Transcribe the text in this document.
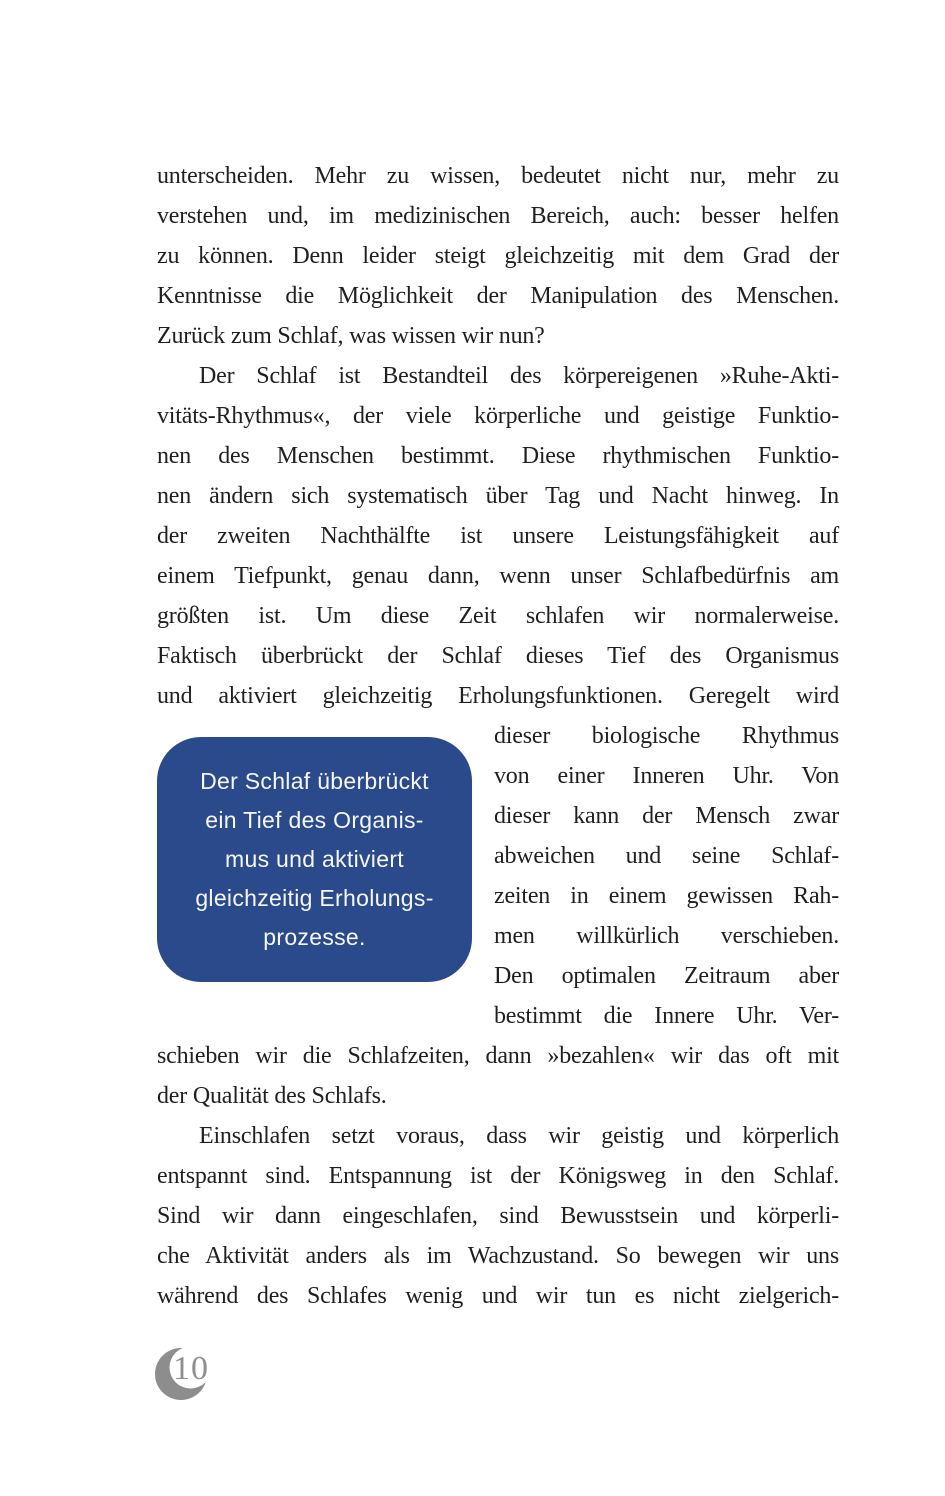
unterscheiden. Mehr zu wissen, bedeutet nicht nur, mehr zu
verstehen und, im medizinischen Bereich, auch: besser helfen
zu können. Denn leider steigt gleichzeitig mit dem Grad der
Kenntnisse die Möglichkeit der Manipulation des Menschen.
Zurück zum Schlaf, was wissen wir nun?
Der Schlaf ist Bestandteil des körpereigenen »Ruhe-Akti-
vitäts-Rhythmus«, der viele körperliche und geistige Funktio-
nen des Menschen bestimmt. Diese rhythmischen Funktio-
nen ändern sich systematisch über Tag und Nacht hinweg. In
der zweiten Nachthälfte ist unsere Leistungsfähigkeit auf
einem Tiefpunkt, genau dann, wenn unser Schlafbedürfnis am
größten ist. Um diese Zeit schlafen wir normalerweise.
Faktisch überbrückt der Schlaf dieses Tief des Organismus
und aktiviert gleichzeitig Erholungsfunktionen. Geregelt wird
Der Schlaf überbrückt
ein Tief des Organis-
mus und aktiviert
gleichzeitig Erholungs-
prozesse.
dieser biologische Rhythmus
von einer Inneren Uhr. Von
dieser kann der Mensch zwar
abweichen und seine Schlaf-
zeiten in einem gewissen Rah-
men willkürlich verschieben.
Den optimalen Zeitraum aber
bestimmt die Innere Uhr. Ver-
schieben wir die Schlafzeiten, dann »bezahlen« wir das oft mit
der Qualität des Schlafs.
Einschlafen setzt voraus, dass wir geistig und körperlich
entspannt sind. Entspannung ist der Königsweg in den Schlaf.
Sind wir dann eingeschlafen, sind Bewusstsein und körperli-
che Aktivität anders als im Wachzustand. So bewegen wir uns
während des Schlafes wenig und wir tun es nicht zielgerich-
10
